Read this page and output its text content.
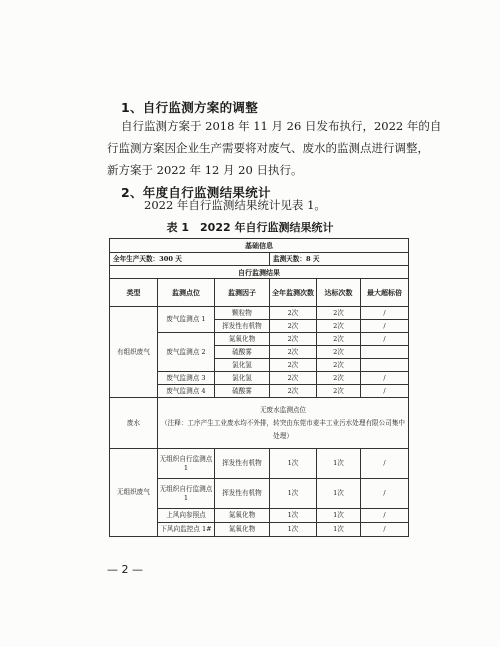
1、自行监测方案的调整
自行监测方案于 2018 年 11 月 26 日发布执行，2022 年的自
行监测方案因企业生产需要将对废气、废水的监测点进行调整，
新方案于 2022 年 12 月 20 日执行。
2、年度自行监测结果统计
2022 年自行监测结果统计见表 1。
表 1　2022 年自行监测结果统计
基础信息					
全年生产天数：300 天			监测天数：8 天		
自行监测结果					
类型	监测点位	监测因子	全年监测次数	达标次数	最大超标倍
有组织废气	废气监测点 1	颗粒物	2次	2次	/
		挥发性有机物	2次	2次	/
	废气监测点 2	氮氧化物	2次	2次	/
		硫酸雾	2次	2次	
		氯化氢	2次	2次	
	废气监测点 3	氯化氢	2次	2次	/
	废气监测点 4	硫酸雾	2次	2次	/
废水	无废水监测点位
（注释：工序产生工业废水均不外排，转突由东莞市麦丰工业污水处理有限公司集中处理）				

无组织废气	无组织自行监测点 1	挥发性有机物	1次	1次	/
	无组织自行监测点 1	挥发性有机物	1次	1次	/
	上风向参照点	氮氧化物	1次	1次	/
	下风向监控点 1#	氮氧化物	1次	1次	/
— 2 —
